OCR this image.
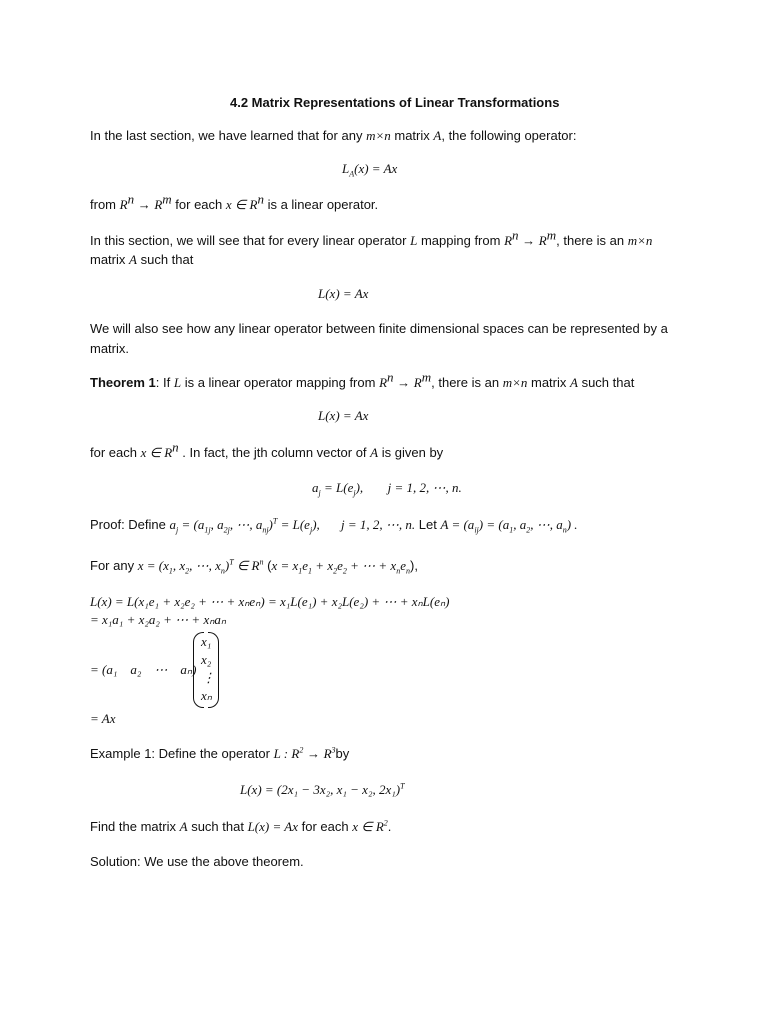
4.2 Matrix Representations of Linear Transformations
In the last section, we have learned that for any m×n matrix A, the following operator:
$L_A(x) = Ax$
from $R^n \to R^m$ for each x ∈ $R^n$ is a linear operator.
In this section, we will see that for every linear operator L mapping from $R^n \to R^m$, there is an m×n
matrix A such that
L(x) = Ax
We will also see how any linear operator between finite dimensional spaces can be represented by a
matrix.
Theorem 1: If L is a linear operator mapping from $R^n \to R^m$, there is an m×n matrix A such that
L(x) = Ax
for each x ∈ $R^n$ . In fact, the jth column vector of A is given by
$a_j = L(e_j)$, j = 1, 2, ⋯, n.
Proof: Define $a_j = (a_{1j}$, $a_{2j}$, ⋯, $a_{nj})^T = L(e_j)$, j = 1, 2, ⋯, n. Let $A = (a_{ij}) = (a_1$, $a_2$, ⋯, $a_n$) .
For any $x = (x_1$, $x_2$, ⋯, $x_n)^T$ ∈ $R^n$ ($x = x_1e_1 + x_2e_2$ + ⋯ + $x_ne_n$),
L(x) = L(x₁e₁ + x₂e₂ + ⋯ + xₙeₙ) = x₁L(e₁) + x₂L(e₂) + ⋯ + xₙL(eₙ)
= x₁a₁ + x₂a₂ + ⋯ + xₙaₙ
= (a₁    a₂    ⋯    aₙ)
x₁
x₂
⋮
xₙ
= Ax
Example 1: Define the operator L : $R^2 \to R^3by$
L(x) = (2x₁ − 3x₂, x₁ − x₂, 2x₁)$^T$
Find the matrix A such that L(x) = Ax for each x ∈ $R^2$.
Solution: We use the above theorem.
